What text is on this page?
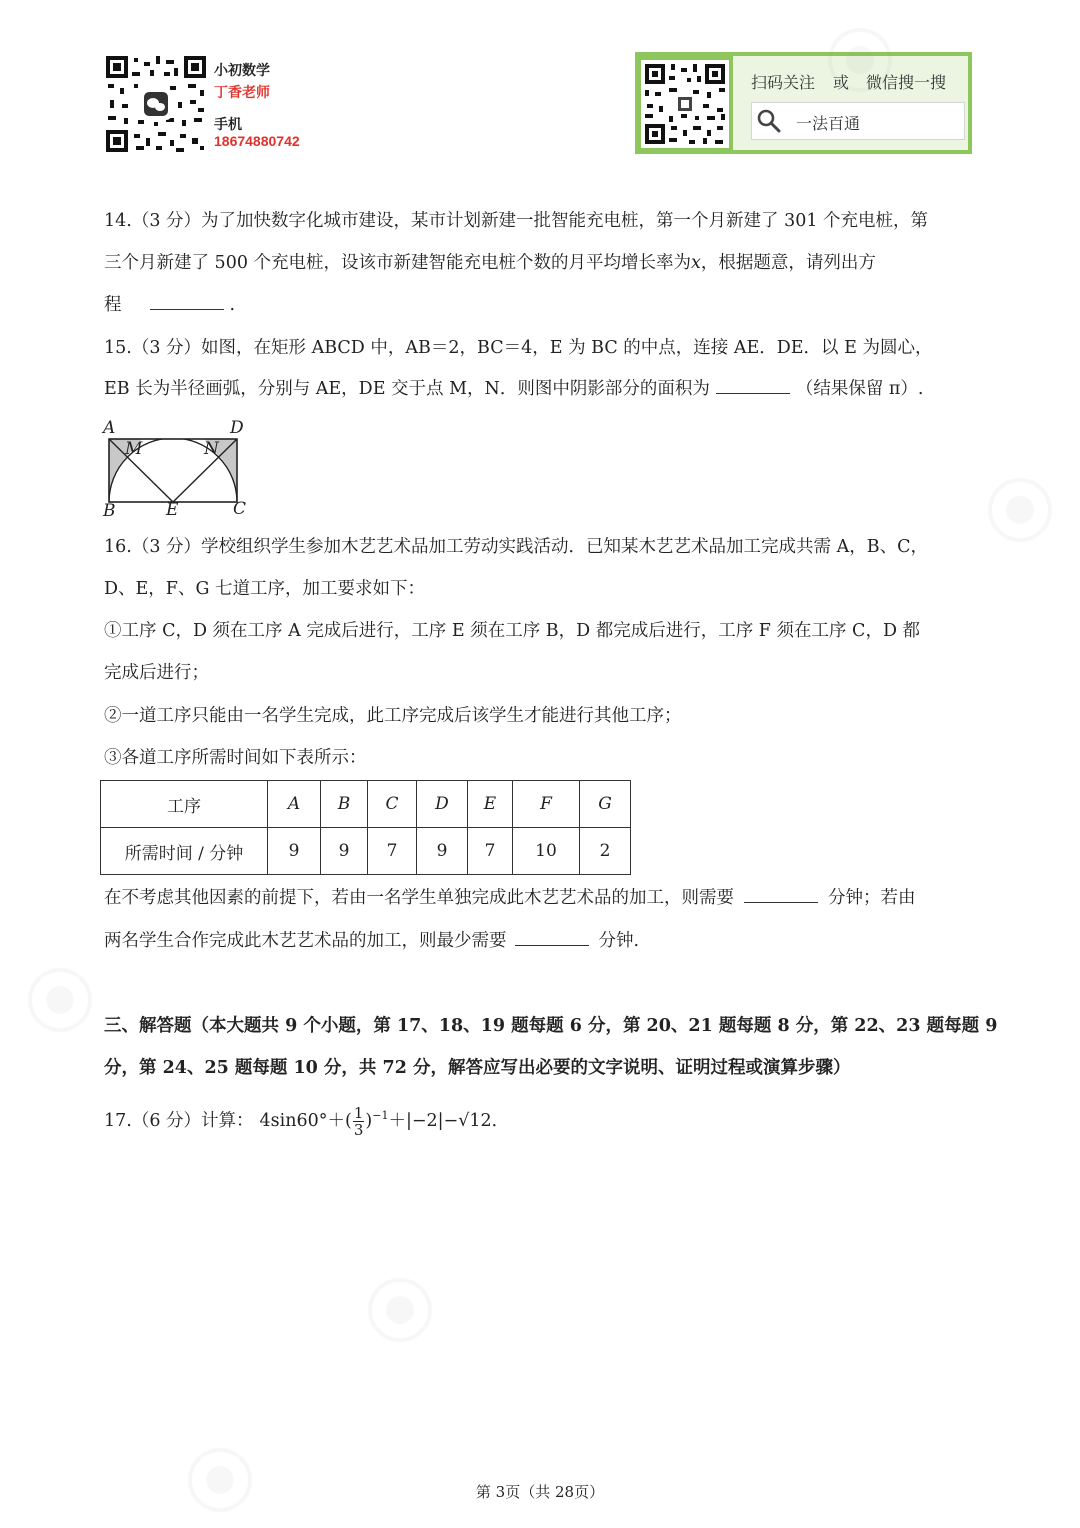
小初数学
丁香老师
手机
18674880742
扫码关注 或 微信搜一搜
一法百通
14.（3 分）为了加快数字化城市建设，某市计划新建一批智能充电桩，第一个月新建了 301 个充电桩，第
三个月新建了 500 个充电桩，设该市新建智能充电桩个数的月平均增长率为x，根据题意，请列出方
程	.
15.（3 分）如图，在矩形 ABCD 中，AB＝2，BC＝4，E 为 BC 的中点，连接 AE．DE．以 E 为圆心，
EB 长为半径画弧，分别与 AE，DE 交于点 M，N．则图中阴影部分的面积为	（结果保留 π）.
A	D
M	N
B	E	C
16.（3 分）学校组织学生参加木艺艺术品加工劳动实践活动．已知某木艺艺术品加工完成共需 A，B、C，
D、E，F、G 七道工序，加工要求如下：
①工序 C，D 须在工序 A 完成后进行，工序 E 须在工序 B，D 都完成后进行，工序 F 须在工序 C，D 都
完成后进行；
②一道工序只能由一名学生完成，此工序完成后该学生才能进行其他工序；
③各道工序所需时间如下表所示：
工序	A	B	C	D	E	F	G
所需时间 / 分钟	9	9	7	9	7	10	2
在不考虑其他因素的前提下，若由一名学生单独完成此木艺艺术品的加工，则需要	分钟；若由
两名学生合作完成此木艺艺术品的加工，则最少需要	分钟.
三、解答题（本大题共 9 个小题，第 17、18、19 题每题 6 分，第 20、21 题每题 8 分，第 22、23 题每题 9
分，第 24、25 题每题 10 分，共 72 分，解答应写出必要的文字说明、证明过程或演算步骤）
17.（6 分）计算： $4\sin 60^\circ+( \frac{1}{3} )^{-1}+|-2|-√12$．
第 3页（共 28页）
